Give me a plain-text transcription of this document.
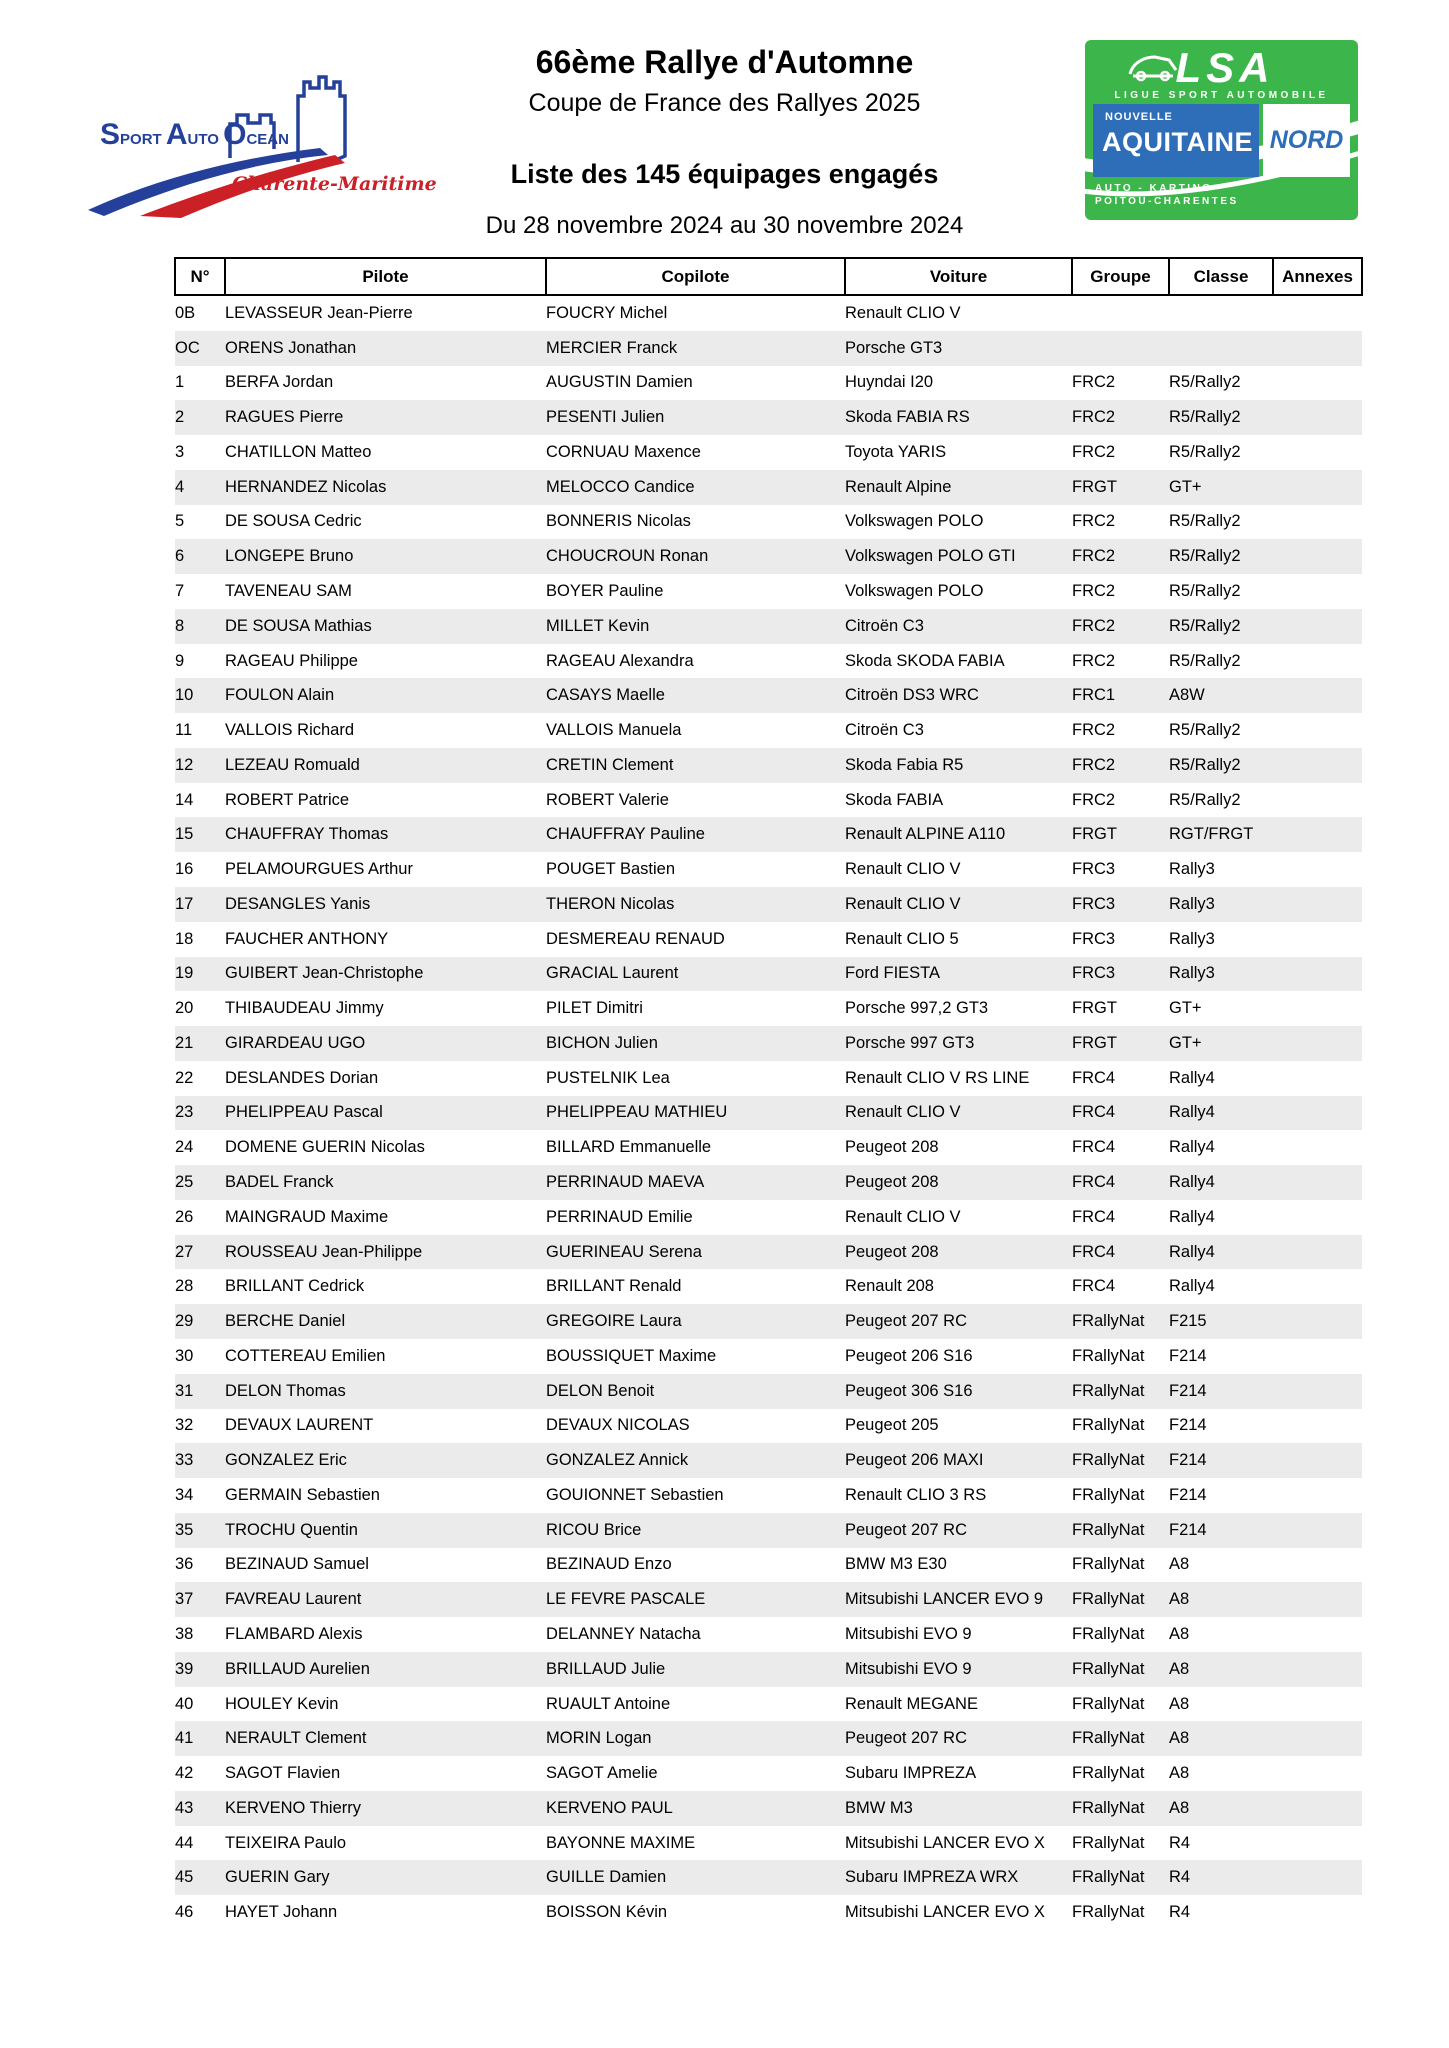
SPORT AUTO OCEAN
Charente-Maritime
66ème Rallye d'Automne
Coupe de France des Rallyes 2025
Liste des 145 équipages engagés
Du 28 novembre 2024 au 30 novembre 2024
LSA
LIGUE SPORT AUTOMOBILE
NOUVELLE
AQUITAINE NORD
AUTO - KARTING
POITOU-CHARENTES
N°	Pilote	Copilote	Voiture	Groupe	Classe	Annexes
0B	LEVASSEUR Jean-Pierre	FOUCRY Michel	Renault CLIO V			
OC	ORENS Jonathan	MERCIER Franck	Porsche GT3			
1	BERFA Jordan	AUGUSTIN Damien	Huyndai I20	FRC2	R5/Rally2	
2	RAGUES Pierre	PESENTI Julien	Skoda FABIA RS	FRC2	R5/Rally2	
3	CHATILLON Matteo	CORNUAU Maxence	Toyota YARIS	FRC2	R5/Rally2	
4	HERNANDEZ Nicolas	MELOCCO Candice	Renault Alpine	FRGT	GT+	
5	DE SOUSA Cedric	BONNERIS Nicolas	Volkswagen POLO	FRC2	R5/Rally2	
6	LONGEPE Bruno	CHOUCROUN Ronan	Volkswagen POLO GTI	FRC2	R5/Rally2	
7	TAVENEAU SAM	BOYER Pauline	Volkswagen POLO	FRC2	R5/Rally2	
8	DE SOUSA Mathias	MILLET Kevin	Citroën C3	FRC2	R5/Rally2	
9	RAGEAU Philippe	RAGEAU Alexandra	Skoda SKODA FABIA	FRC2	R5/Rally2	
10	FOULON Alain	CASAYS Maelle	Citroën DS3 WRC	FRC1	A8W	
11	VALLOIS Richard	VALLOIS Manuela	Citroën C3	FRC2	R5/Rally2	
12	LEZEAU Romuald	CRETIN Clement	Skoda Fabia R5	FRC2	R5/Rally2	
14	ROBERT Patrice	ROBERT Valerie	Skoda FABIA	FRC2	R5/Rally2	
15	CHAUFFRAY Thomas	CHAUFFRAY Pauline	Renault ALPINE A110	FRGT	RGT/FRGT	
16	PELAMOURGUES Arthur	POUGET Bastien	Renault CLIO V	FRC3	Rally3	
17	DESANGLES Yanis	THERON Nicolas	Renault CLIO V	FRC3	Rally3	
18	FAUCHER ANTHONY	DESMEREAU RENAUD	Renault CLIO 5	FRC3	Rally3	
19	GUIBERT Jean-Christophe	GRACIAL Laurent	Ford FIESTA	FRC3	Rally3	
20	THIBAUDEAU Jimmy	PILET Dimitri	Porsche 997,2 GT3	FRGT	GT+	
21	GIRARDEAU UGO	BICHON Julien	Porsche 997 GT3	FRGT	GT+	
22	DESLANDES Dorian	PUSTELNIK Lea	Renault CLIO V RS LINE	FRC4	Rally4	
23	PHELIPPEAU Pascal	PHELIPPEAU MATHIEU	Renault CLIO V	FRC4	Rally4	
24	DOMENE GUERIN Nicolas	BILLARD Emmanuelle	Peugeot 208	FRC4	Rally4	
25	BADEL Franck	PERRINAUD MAEVA	Peugeot 208	FRC4	Rally4	
26	MAINGRAUD Maxime	PERRINAUD Emilie	Renault CLIO V	FRC4	Rally4	
27	ROUSSEAU Jean-Philippe	GUERINEAU Serena	Peugeot 208	FRC4	Rally4	
28	BRILLANT Cedrick	BRILLANT Renald	Renault 208	FRC4	Rally4	
29	BERCHE Daniel	GREGOIRE Laura	Peugeot 207 RC	FRallyNat	F215	
30	COTTEREAU Emilien	BOUSSIQUET Maxime	Peugeot 206 S16	FRallyNat	F214	
31	DELON Thomas	DELON Benoit	Peugeot 306 S16	FRallyNat	F214	
32	DEVAUX LAURENT	DEVAUX NICOLAS	Peugeot 205	FRallyNat	F214	
33	GONZALEZ Eric	GONZALEZ Annick	Peugeot 206 MAXI	FRallyNat	F214	
34	GERMAIN Sebastien	GOUIONNET Sebastien	Renault CLIO 3 RS	FRallyNat	F214	
35	TROCHU Quentin	RICOU Brice	Peugeot 207 RC	FRallyNat	F214	
36	BEZINAUD Samuel	BEZINAUD Enzo	BMW M3 E30	FRallyNat	A8	
37	FAVREAU Laurent	LE FEVRE PASCALE	Mitsubishi LANCER EVO 9	FRallyNat	A8	
38	FLAMBARD Alexis	DELANNEY Natacha	Mitsubishi EVO 9	FRallyNat	A8	
39	BRILLAUD Aurelien	BRILLAUD Julie	Mitsubishi EVO 9	FRallyNat	A8	
40	HOULEY Kevin	RUAULT Antoine	Renault MEGANE	FRallyNat	A8	
41	NERAULT Clement	MORIN Logan	Peugeot 207 RC	FRallyNat	A8	
42	SAGOT Flavien	SAGOT Amelie	Subaru IMPREZA	FRallyNat	A8	
43	KERVENO Thierry	KERVENO PAUL	BMW M3	FRallyNat	A8	
44	TEIXEIRA Paulo	BAYONNE MAXIME	Mitsubishi LANCER EVO X	FRallyNat	R4	
45	GUERIN Gary	GUILLE Damien	Subaru IMPREZA WRX	FRallyNat	R4	
46	HAYET Johann	BOISSON Kévin	Mitsubishi LANCER EVO X	FRallyNat	R4	
